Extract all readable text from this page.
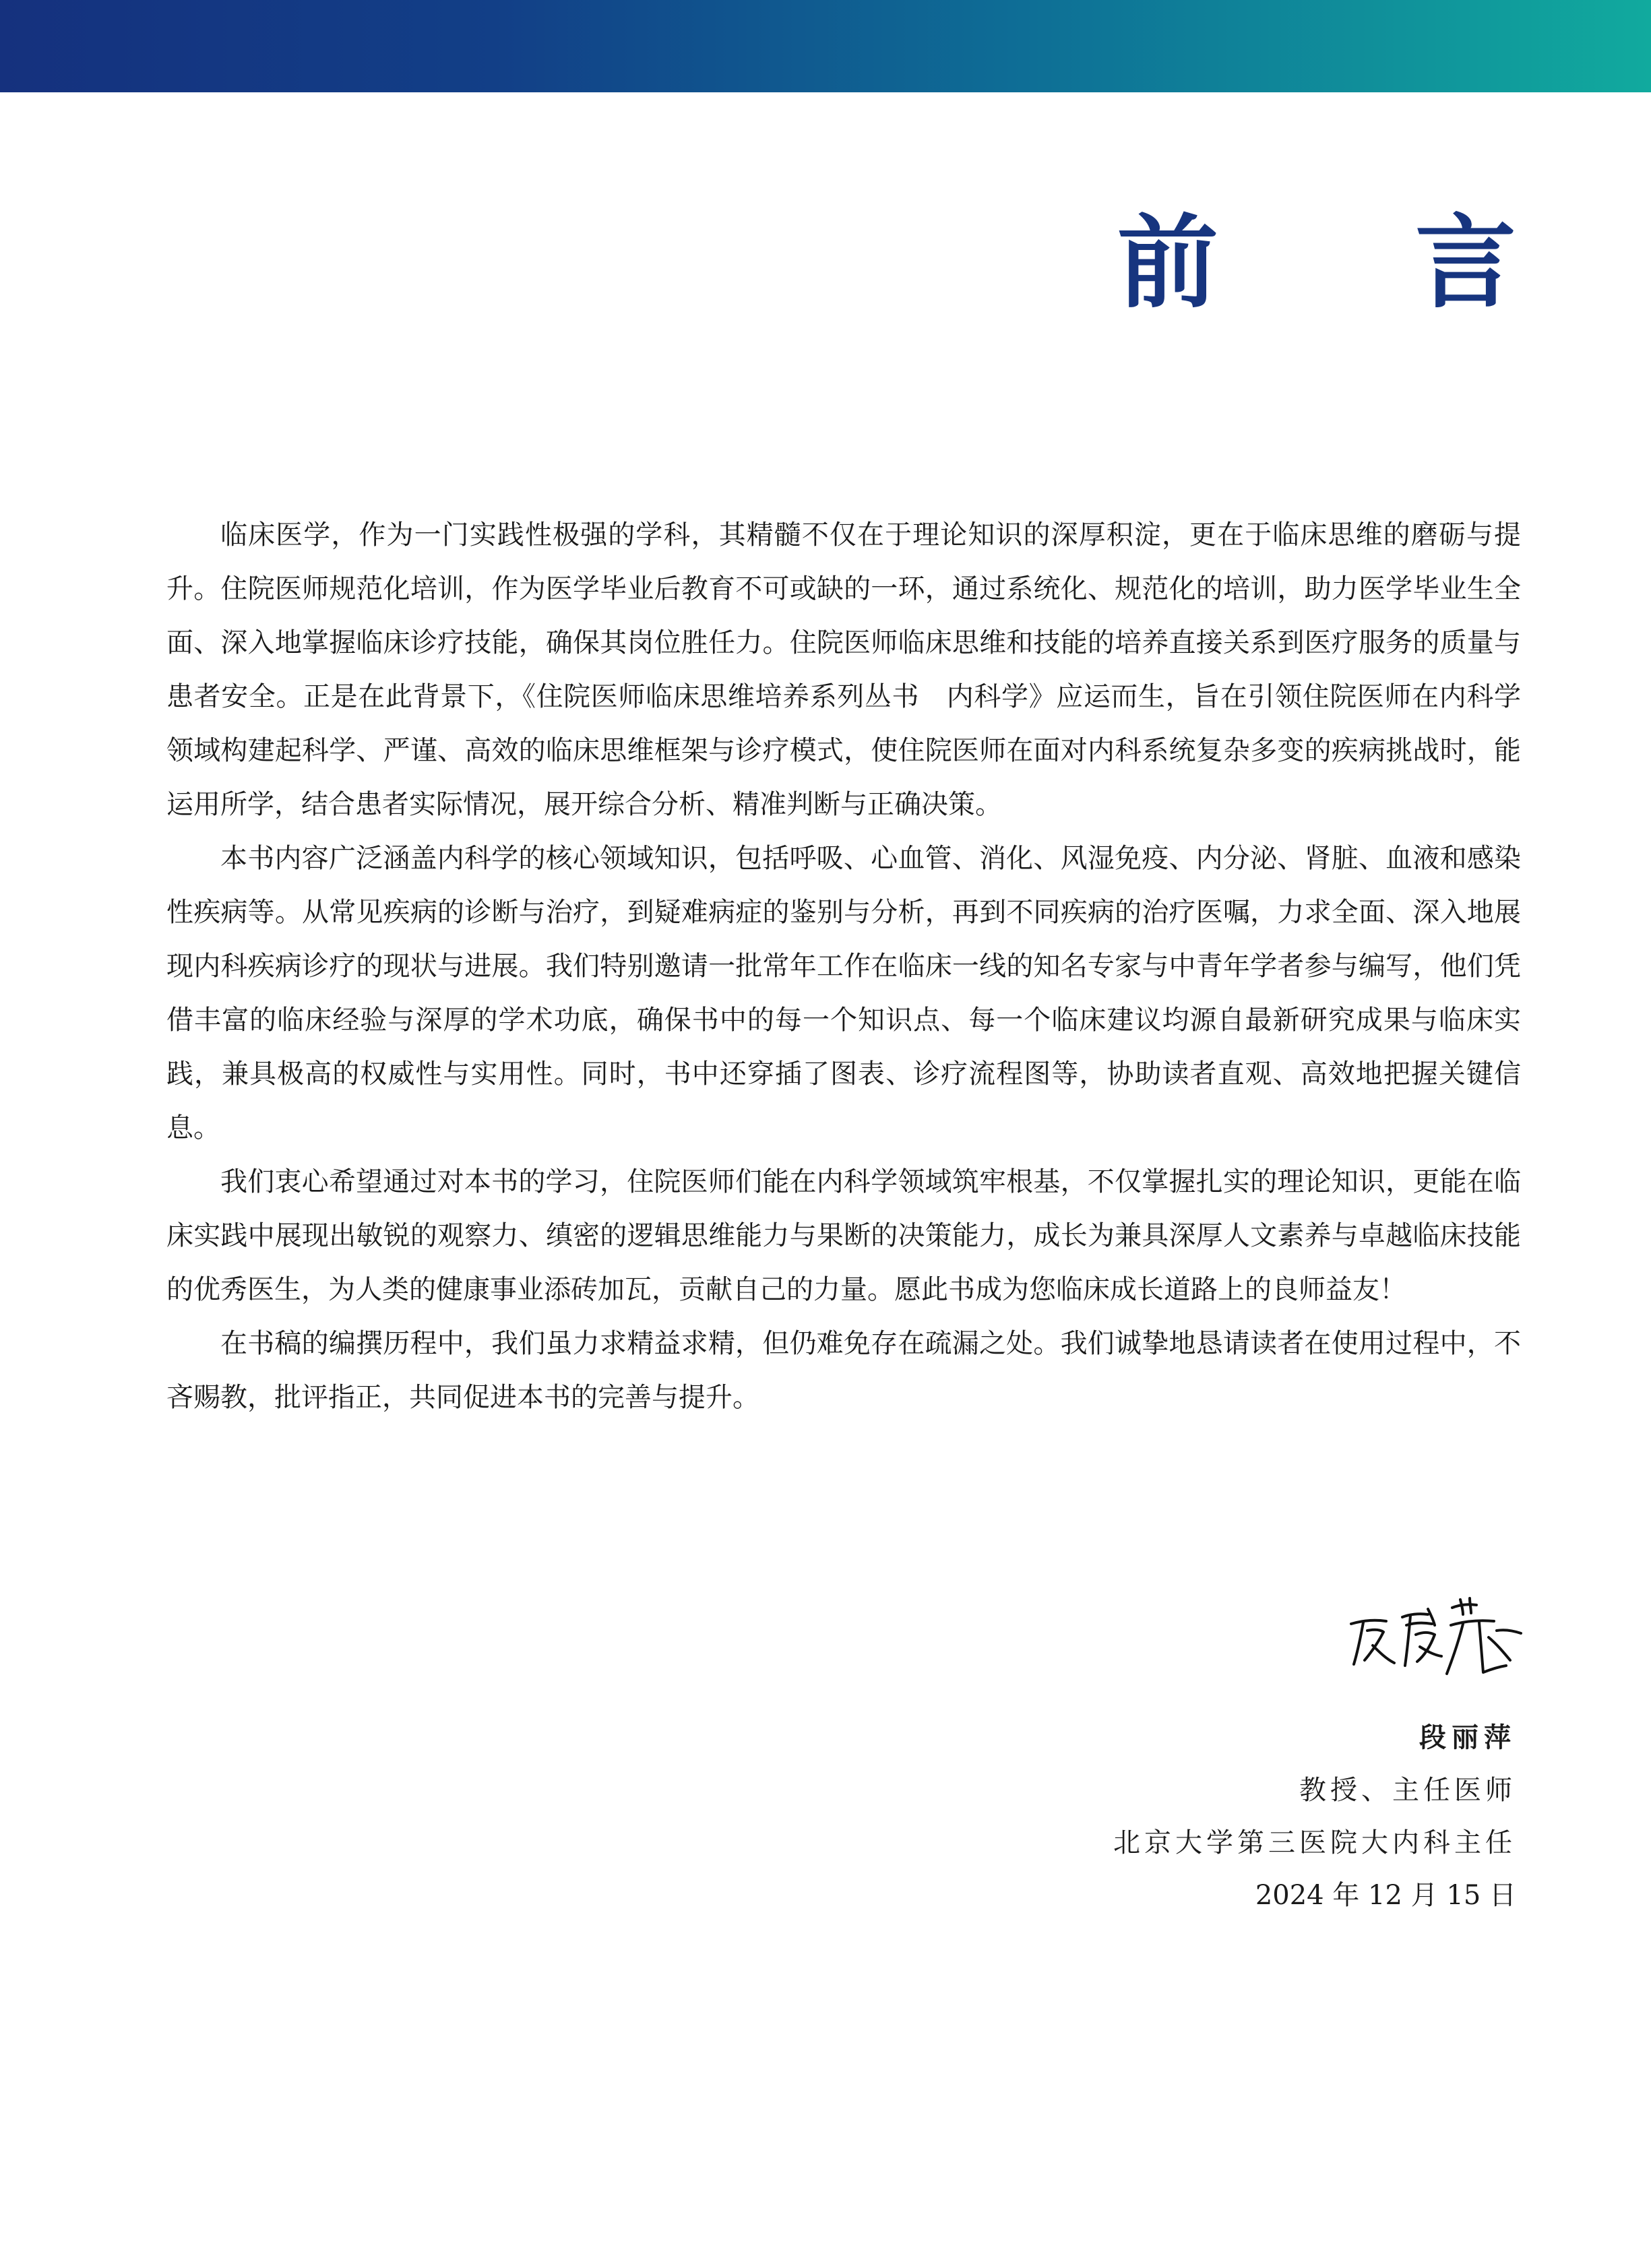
前 言

临床医学，作为一门实践性极强的学科，其精髓不仅在于理论知识的深厚积淀，更在于临床思维的磨砺与提升。住院医师规范化培训，作为医学毕业后教育不可或缺的一环，通过系统化、规范化的培训，助力医学毕业生全面、深入地掌握临床诊疗技能，确保其岗位胜任力。住院医师临床思维和技能的培养直接关系到医疗服务的质量与患者安全。正是在此背景下，《住院医师临床思维培养系列丛书　内科学》应运而生，旨在引领住院医师在内科学领域构建起科学、严谨、高效的临床思维框架与诊疗模式，使住院医师在面对内科系统复杂多变的疾病挑战时，能运用所学，结合患者实际情况，展开综合分析、精准判断与正确决策。

本书内容广泛涵盖内科学的核心领域知识，包括呼吸、心血管、消化、风湿免疫、内分泌、肾脏、血液和感染性疾病等。从常见疾病的诊断与治疗，到疑难病症的鉴别与分析，再到不同疾病的治疗医嘱，力求全面、深入地展现内科疾病诊疗的现状与进展。我们特别邀请一批常年工作在临床一线的知名专家与中青年学者参与编写，他们凭借丰富的临床经验与深厚的学术功底，确保书中的每一个知识点、每一个临床建议均源自最新研究成果与临床实践，兼具极高的权威性与实用性。同时，书中还穿插了图表、诊疗流程图等，协助读者直观、高效地把握关键信息。

我们衷心希望通过对本书的学习，住院医师们能在内科学领域筑牢根基，不仅掌握扎实的理论知识，更能在临床实践中展现出敏锐的观察力、缜密的逻辑思维能力与果断的决策能力，成长为兼具深厚人文素养与卓越临床技能的优秀医生，为人类的健康事业添砖加瓦，贡献自己的力量。愿此书成为您临床成长道路上的良师益友！

在书稿的编撰历程中，我们虽力求精益求精，但仍难免存在疏漏之处。我们诚挚地恳请读者在使用过程中，不吝赐教，批评指正，共同促进本书的完善与提升。

段丽萍
教授、主任医师
北京大学第三医院大内科主任
2024 年 12 月 15 日
